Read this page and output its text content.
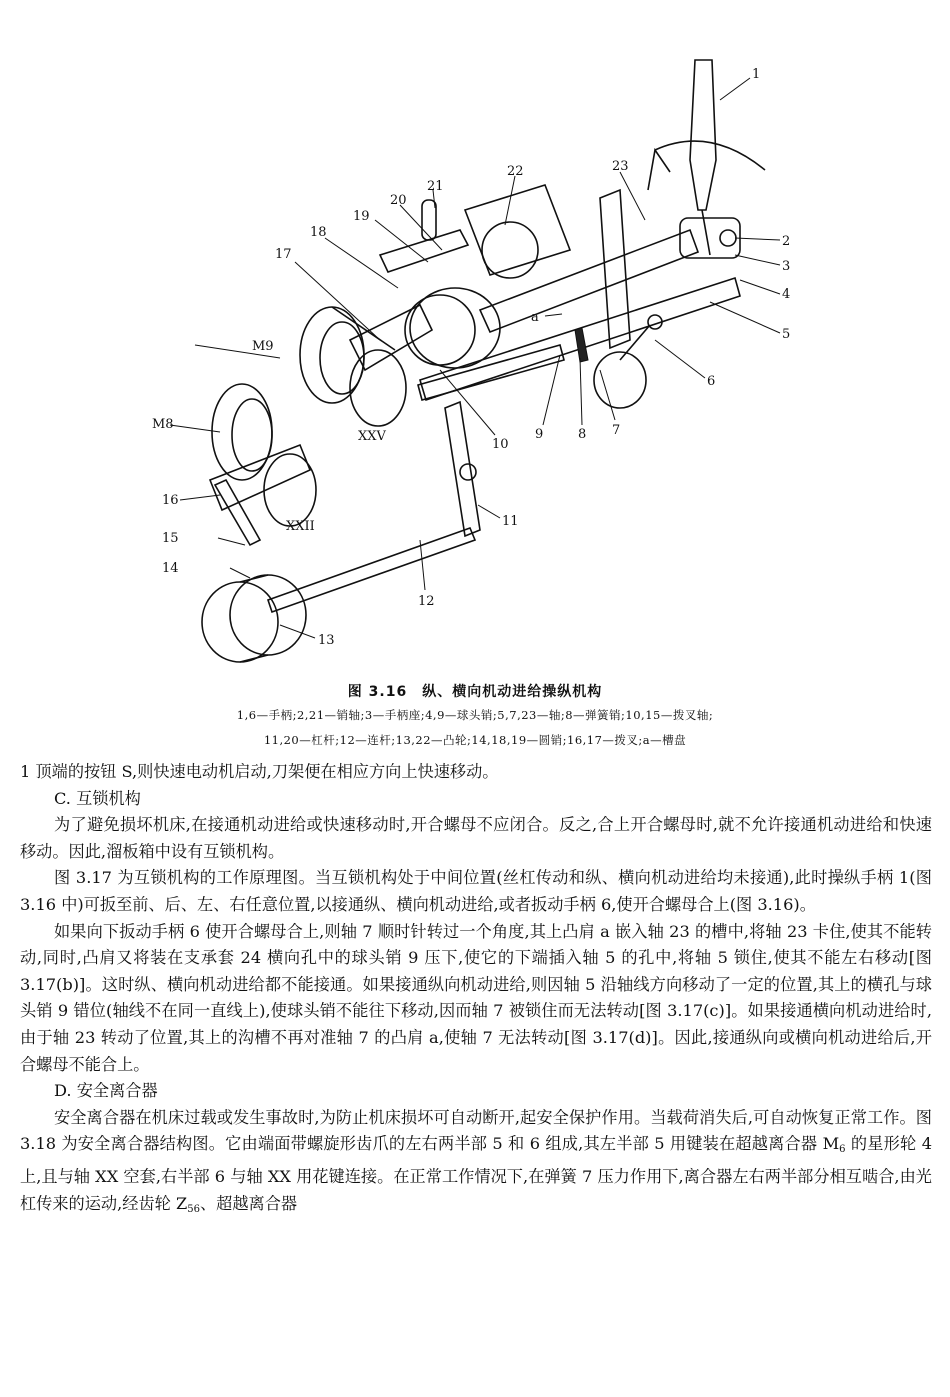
1
2
3
4
5
6
7
8
9
10
11
12
13
14
15
16
17
18
19
20
21
22	23
a
M9
M8
XXV
XXII
图 3.16　纵、横向机动进给操纵机构
1,6—手柄;2,21—销轴;3—手柄座;4,9—球头销;5,7,23—轴;8—弹簧销;10,15—拨叉轴;
11,20—杠杆;12—连杆;13,22—凸轮;14,18,19—圆销;16,17—拨叉;a—槽盘

1 顶端的按钮 S,则快速电动机启动,刀架便在相应方向上快速移动。

C. 互锁机构

为了避免损坏机床,在接通机动进给或快速移动时,开合螺母不应闭合。反之,合上开合螺母时,就不允许接通机动进给和快速移动。因此,溜板箱中设有互锁机构。

图 3.17 为互锁机构的工作原理图。当互锁机构处于中间位置(丝杠传动和纵、横向机动进给均未接通),此时操纵手柄 1(图 3.16 中)可扳至前、后、左、右任意位置,以接通纵、横向机动进给,或者扳动手柄 6,使开合螺母合上(图 3.16)。

如果向下扳动手柄 6 使开合螺母合上,则轴 7 顺时针转过一个角度,其上凸肩 a 嵌入轴 23 的槽中,将轴 23 卡住,使其不能转动,同时,凸肩又将装在支承套 24 横向孔中的球头销 9 压下,使它的下端插入轴 5 的孔中,将轴 5 锁住,使其不能左右移动[图 3.17(b)]。这时纵、横向机动进给都不能接通。如果接通纵向机动进给,则因轴 5 沿轴线方向移动了一定的位置,其上的横孔与球头销 9 错位(轴线不在同一直线上),使球头销不能往下移动,因而轴 7 被锁住而无法转动[图 3.17(c)]。如果接通横向机动进给时,由于轴 23 转动了位置,其上的沟槽不再对准轴 7 的凸肩 a,使轴 7 无法转动[图 3.17(d)]。因此,接通纵向或横向机动进给后,开合螺母不能合上。

D. 安全离合器

安全离合器在机床过载或发生事故时,为防止机床损坏可自动断开,起安全保护作用。当载荷消失后,可自动恢复正常工作。图 3.18 为安全离合器结构图。它由端面带螺旋形齿爪的左右两半部 5 和 6 组成,其左半部 5 用键装在超越离合器 $M_6$ 的星形轮 4 上,且与轴 XX 空套,右半部 6 与轴 XX 用花键连接。在正常工作情况下,在弹簧 7 压力作用下,离合器左右两半部分相互啮合,由光杠传来的运动,经齿轮 $Z_{56}$、超越离合器
